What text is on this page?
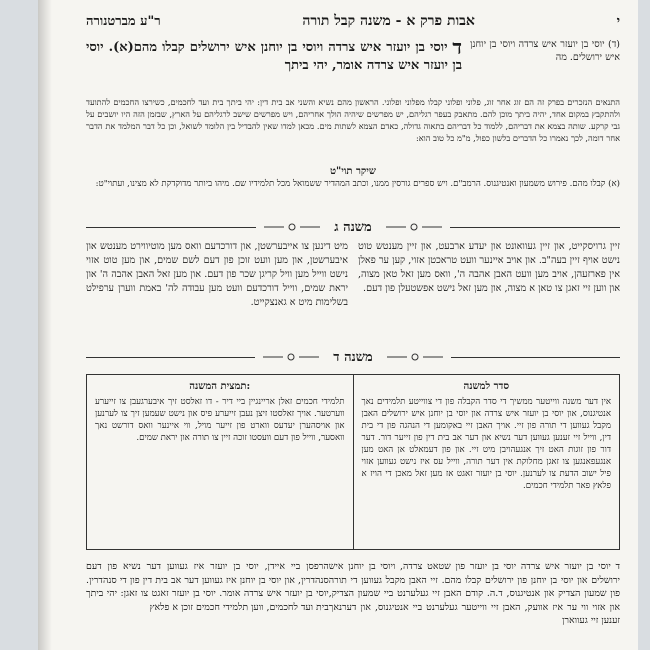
י
אבות פרק א - משנה קבל תורה
ר"ע מברטנורה
(ד) יוסי בן יועזר איש צרדה ויוסי בן יוחנן איש ירושלים. מה
ד יוסי בן יועזר איש צרדה ויוסי בן יוחנן איש ירושלים קבלו מהם(א). יוסי בן יועזר איש צרדה אומר, יהי ביתך
התנאים הנזכרים בפרק זה הם זוג אחר זוג, פלוני ופלוני קבלו מפלוני ופלוני. הראשון מהם נשיא והשני אב בית דין: יהי ביתך בית ועד לחכמים, כשירצו החכמים להתועד ולהתקבץ במקום אחד, יהיה ביתך מוכן להם. מתאבק בעפר רגליהם, יש מפרשים שיהיה הולך אחריהם, ויש מפרשים שישב לרגליהם על הארץ, שבזמן הזה היו יושבים על גבי קרקע. שותה בצמא את דבריהם, ללמוד כל דבריהם בתאוה גדולה, כאדם הצמא לשתות מים. מכאן למדו שאין להבדיל בין הלומד לשואל, וכן כל דבר המלמד את הדבר אחר דומה, לכך נאמרו כל הדברים בלשון כפול, מ"מ כל טוב הוא:
שיקר תוי"ט
(א) קבלו מהם. פירוש משמעון ואנטיגנוס. הרמב"ם. ויש ספרים גורסין ממנו, וכתב המהדיר ששמואל מכל תלמידיו שם. מיהו ביותר מדוקדקת לא מצינו, ועתוי"ט:
משנה ג
זיין גרויסקייט, און זיין געוואונט און יעדע ארבעט, און זיין מענטש טוט נישט אויף זיין בעה"ב. און אויב איינער וועט טראכטן אזוי, קען ער פאלן אין פארזעהן, אויב מען וועט האבן אהבה ה', וואס מען זאל טאן מצוה, און ווען זיי זאגן צו טאן א מצוה, און מען זאל נישט אפשטעלן פון דעם.
מיט דינען צו אייבערשטן, און דורכדעם וואס מען מוטיווירט מענטש און איבערשטן, און מען וועט זוכן פון דעם לשם שמים, און מען טוט אזוי נישט ווייל מען וויל קריגן שכר פון דעם. און מען זאל האבן אהבה ה' און יראת שמים, ווייל דורכדעם וועט מען עבודה לה' באמת ווערן ערפילט בשלימות מיט א גאנצקייט.
משנה ד
סדר למשנה
אין דער משנה ווייטער ממשיך די סדר הקבלה פון די צווייטע תלמידים נאך אנטיגנוס, און יוסי בן יועזר איש צרדה און יוסי בן יוחנן איש ירושלים האבן מקבל געווען די תורה פון זיי. אויך האבן זיי באקומען די הנהגה פון די בית דין, ווייל זיי זענען געווען דער נשיא און דער אב בית דין פון זייער דור. דער דור פון זוגות האט זיך אנגעהויבן מיט זיי. און פון דעמאלט אן האט מען אנגעפאנגען צו זאגן מחלוקת אין דער תורה, ווייל עס איז נישט געווען אזוי פיל ישוב הדעת צו לערנען. יוסי בן יועזר זאגט אז מען זאל מאכן די הויז א פלאץ פאר תלמידי חכמים.
תמצית המשנה:
תלמידי חכמים זאלן אריינגיין ביי דיר - דו זאלסט זיך איבערגעבן צו זייערע ווערטער. אויך זאלסטו זיצן נעבן זייערע פיס און נישט שעמען זיך צו לערנען און אויסהערן יעדעס ווארט פון זייער מויל, ווי איינער וואס דורשט נאך וואסער, ווייל פון דעם וועסטו זוכה זיין צו תורה און יראת שמים.
ד יוסי בן יועזר איש צרדה יוסי בן יועזר פון שטאט צרדה, ויוסי בן יוחנן איש ירושלים און יוסי בן יוחנן פון ירושלים קבלו מהם. זיי האבן מקבל געווען די תורה פון שמעון הצדיק און אנטיגנוס, ד.ה. קודם האבן זיי געלערנט ביי שמעון הצדיק, און אזוי ווי ער איז אוועק, האבן זיי ווייטער געלערנט ביי אנטיגנוס, און דערנאך זענען זיי געווארן
הרפסן ביי איידן, יוסי בן יועזר איז געווען דער נשיא פון דעם סנהדרין, און יוסי בן יוחנן איז געווען דער אב בית דין פון די סנהדרין. יוסי בן יועזר איש צרדה אומר. יוסי בן יועזר זאגט צו זאגן: יהי ביתך בית ועד לחכמים, ווען תלמידי חכמים זוכן א פלאץ
